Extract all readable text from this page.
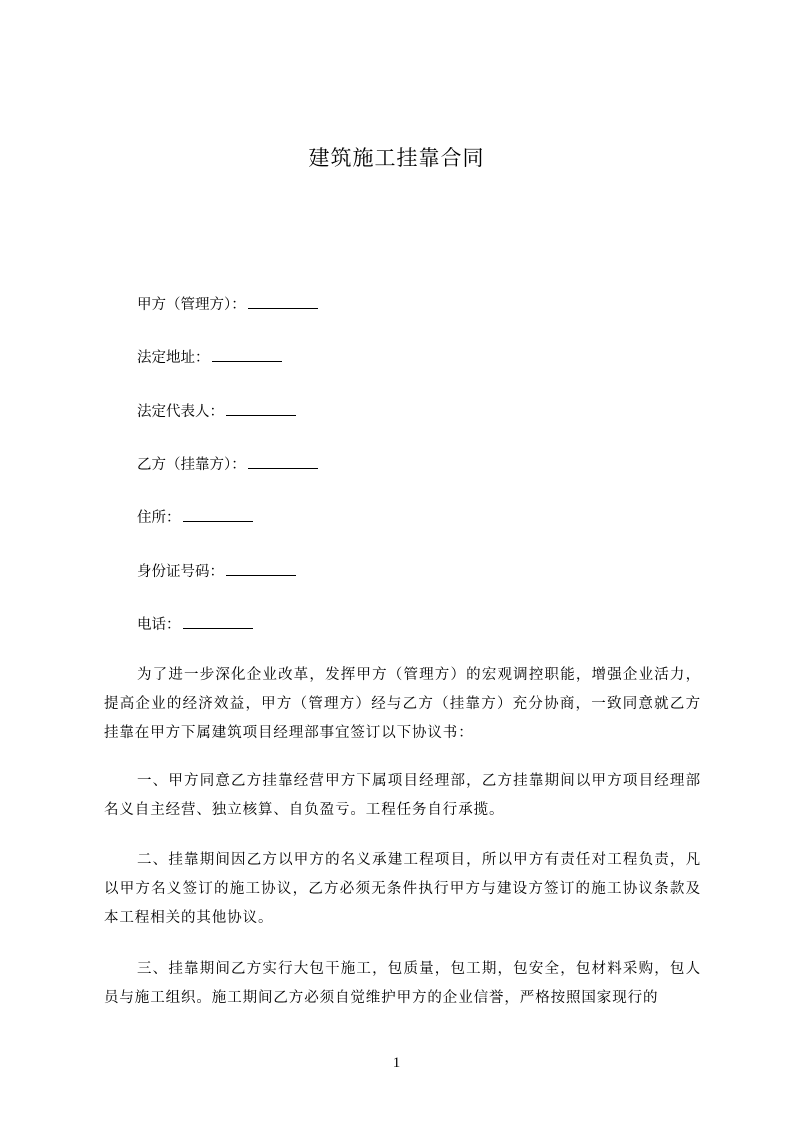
建筑施工挂靠合同
甲方（管理方）：
法定地址：
法定代表人：
乙方（挂靠方）：
住所：
身份证号码：
电话：

为了进一步深化企业改革，发挥甲方（管理方）的宏观调控职能，增强企业活力，提高企业的经济效益，甲方（管理方）经与乙方（挂靠方）充分协商，一致同意就乙方挂靠在甲方下属建筑项目经理部事宜签订以下协议书：

一、甲方同意乙方挂靠经营甲方下属项目经理部，乙方挂靠期间以甲方项目经理部名义自主经营、独立核算、自负盈亏。工程任务自行承揽。

二、挂靠期间因乙方以甲方的名义承建工程项目，所以甲方有责任对工程负责，凡以甲方名义签订的施工协议，乙方必须无条件执行甲方与建设方签订的施工协议条款及本工程相关的其他协议。

三、挂靠期间乙方实行大包干施工，包质量，包工期，包安全，包材料采购，包人员与施工组织。施工期间乙方必须自觉维护甲方的企业信誉，严格按照国家现行的

1
